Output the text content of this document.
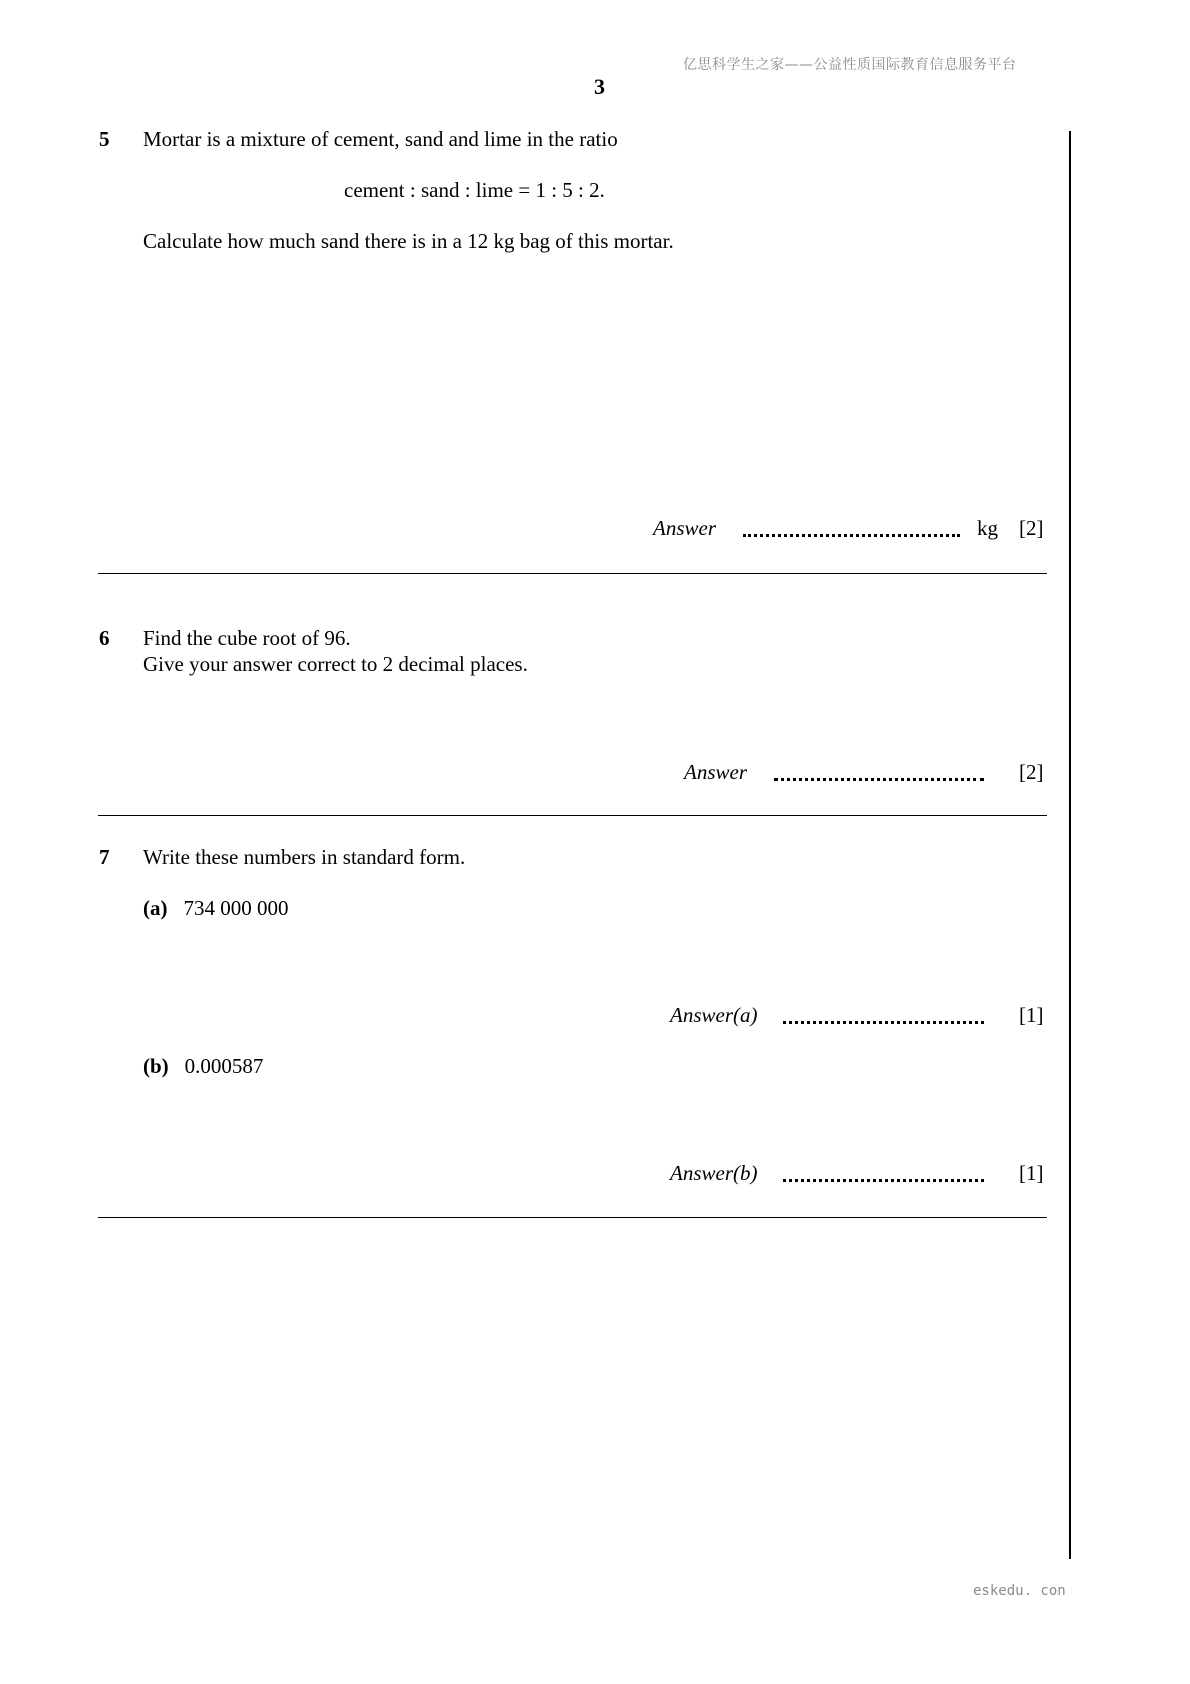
亿思科学生之家——公益性质国际教育信息服务平台
3
5 Mortar is a mixture of cement, sand and lime in the ratio
cement : sand : lime = 1 : 5 : 2.
Calculate how much sand there is in a 12 kg bag of this mortar.
Answer	kg [2]
6 Find the cube root of 96.
Give your answer correct to 2 decimal places.
Answer	[2]
7 Write these numbers in standard form.
(a) 734 000 000
Answer(a)	[1]
(b) 0.000587
Answer(b)	[1]
eskedu. con
